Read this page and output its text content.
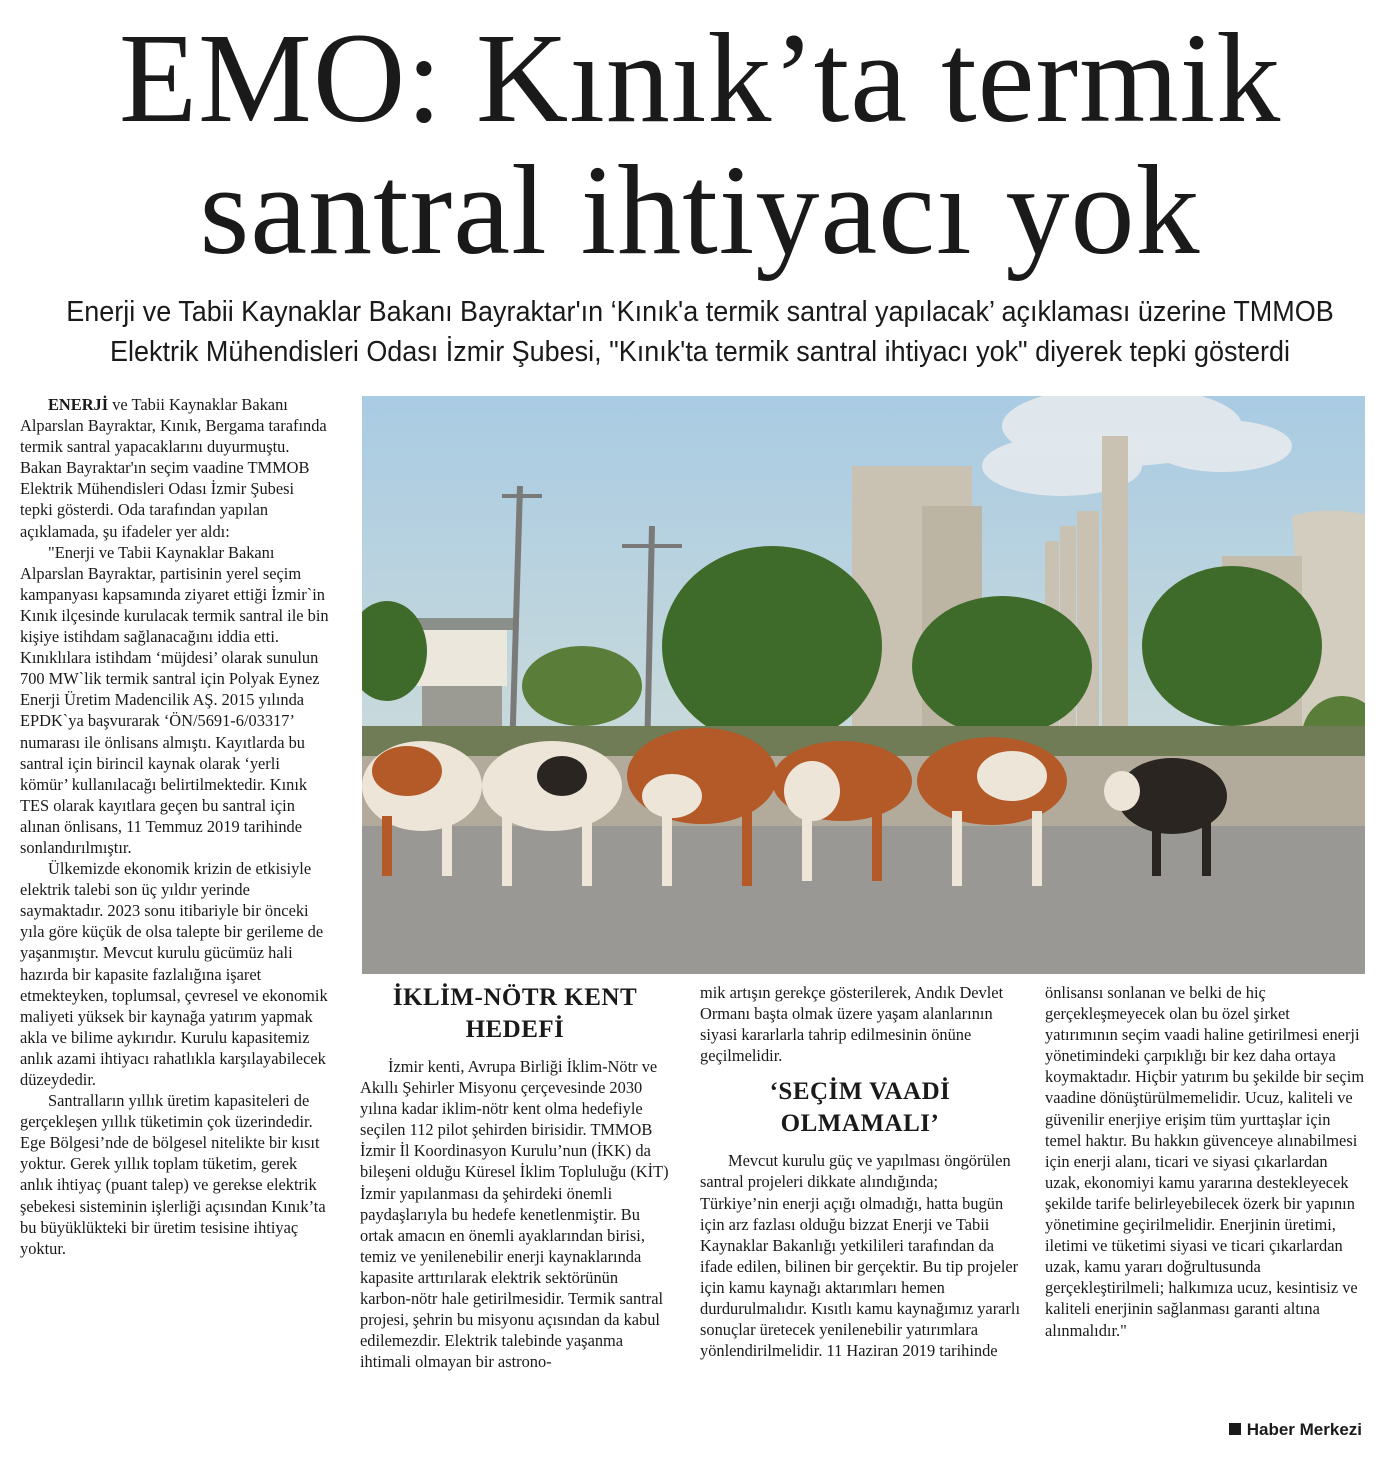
EMO: Kınık’ta termik
santral ihtiyacı yok
Enerji ve Tabii Kaynaklar Bakanı Bayraktar'ın ‘Kınık'a termik santral yapılacak’ açıklaması üzerine TMMOB
Elektrik Mühendisleri Odası İzmir Şubesi, "Kınık'ta termik santral ihtiyacı yok" diyerek tepki gösterdi

ENERJİ ve Tabii Kaynaklar Bakanı Alparslan Bayraktar, Kınık, Bergama tarafında termik santral yapacaklarını duyurmuştu. Bakan Bayraktar'ın seçim vaadine TMMOB Elektrik Mühendisleri Odası İzmir Şubesi tepki gösterdi. Oda tarafından yapılan açıklamada, şu ifadeler yer aldı:

"Enerji ve Tabii Kaynaklar Bakanı Alparslan Bayraktar, partisinin yerel seçim kampanyası kapsamında ziyaret ettiği İzmir`in Kınık ilçesinde kurulacak termik santral ile bin kişiye istihdam sağlanacağını iddia etti. Kınıklılara istihdam ‘müjdesi’ olarak sunulun 700 MW`lik termik santral için Polyak Eynez Enerji Üretim Madencilik AŞ. 2015 yılında EPDK`ya başvurarak ‘ÖN/5691-6/03317’ numarası ile önlisans almıştı. Kayıtlarda bu santral için birincil kaynak olarak ‘yerli kömür’ kullanılacağı belirtilmektedir. Kınık TES olarak kayıtlara geçen bu santral için alınan önlisans, 11 Temmuz 2019 tarihinde sonlandırılmıştır.

Ülkemizde ekonomik krizin de etkisiyle elektrik talebi son üç yıldır yerinde saymaktadır. 2023 sonu itibariyle bir önceki yıla göre küçük de olsa talepte bir gerileme de yaşanmıştır. Mevcut kurulu gücümüz hali hazırda bir kapasite fazlalığına işaret etmekteyken, toplumsal, çevresel ve ekonomik maliyeti yüksek bir kaynağa yatırım yapmak akla ve bilime aykırıdır. Kurulu kapasitemiz anlık azami ihtiyacı rahatlıkla karşılayabilecek düzeydedir.

Santralların yıllık üretim kapasiteleri de gerçekleşen yıllık tüketimin çok üzerindedir. Ege Bölgesi’nde de bölgesel nitelikte bir kısıt yoktur. Gerek yıllık toplam tüketim, gerek anlık ihtiyaç (puant talep) ve gerekse elektrik şebekesi sisteminin işlerliği açısından Kınık’ta bu büyüklükteki bir üretim tesisine ihtiyaç yoktur.

İKLİM-NÖTR KENT HEDEFİ

İzmir kenti, Avrupa Birliği İklim-Nötr ve Akıllı Şehirler Misyonu çerçevesinde 2030 yılına kadar iklim-nötr kent olma hedefiyle seçilen 112 pilot şehirden birisidir. TMMOB İzmir İl Koordinasyon Kurulu’nun (İKK) da bileşeni olduğu Küresel İklim Topluluğu (KİT) İzmir yapılanması da şehirdeki önemli paydaşlarıyla bu hedefe kenetlenmiştir. Bu ortak amacın en önemli ayaklarından birisi, temiz ve yenilenebilir enerji kaynaklarında kapasite arttırılarak elektrik sektörünün karbon-nötr hale getirilmesidir. Termik santral projesi, şehrin bu misyonu açısından da kabul edilemezdir. Elektrik talebinde yaşanma ihtimali olmayan bir astrono-

mik artışın gerekçe gösterilerek, Andık Devlet Ormanı başta olmak üzere yaşam alanlarının siyasi kararlarla tahrip edilmesinin önüne geçilmelidir.

‘SEÇİM VAADİ OLMAMALI’

Mevcut kurulu güç ve yapılması öngörülen santral projeleri dikkate alındığında; Türkiye’nin enerji açığı olmadığı, hatta bugün için arz fazlası olduğu bizzat Enerji ve Tabii Kaynaklar Bakanlığı yetkilileri tarafından da ifade edilen, bilinen bir gerçektir. Bu tip projeler için kamu kaynağı aktarımları hemen durdurulmalıdır. Kısıtlı kamu kaynağımız yararlı sonuçlar üretecek yenilenebilir yatırımlara yönlendirilmelidir. 11 Haziran 2019 tarihinde

önlisansı sonlanan ve belki de hiç gerçekleşmeyecek olan bu özel şirket yatırımının seçim vaadi haline getirilmesi enerji yönetimindeki çarpıklığı bir kez daha ortaya koymaktadır. Hiçbir yatırım bu şekilde bir seçim vaadine dönüştürülmemelidir. Ucuz, kaliteli ve güvenilir enerjiye erişim tüm yurttaşlar için temel haktır. Bu hakkın güvenceye alınabilmesi için enerji alanı, ticari ve siyasi çıkarlardan uzak, ekonomiyi kamu yararına destekleyecek şekilde tarife belirleyebilecek özerk bir yapının yönetimine geçirilmelidir. Enerjinin üretimi, iletimi ve tüketimi siyasi ve ticari çıkarlardan uzak, kamu yararı doğrultusunda gerçekleştirilmeli; halkımıza ucuz, kesintisiz ve kaliteli enerjinin sağlanması garanti altına alınmalıdır."

Haber Merkezi
